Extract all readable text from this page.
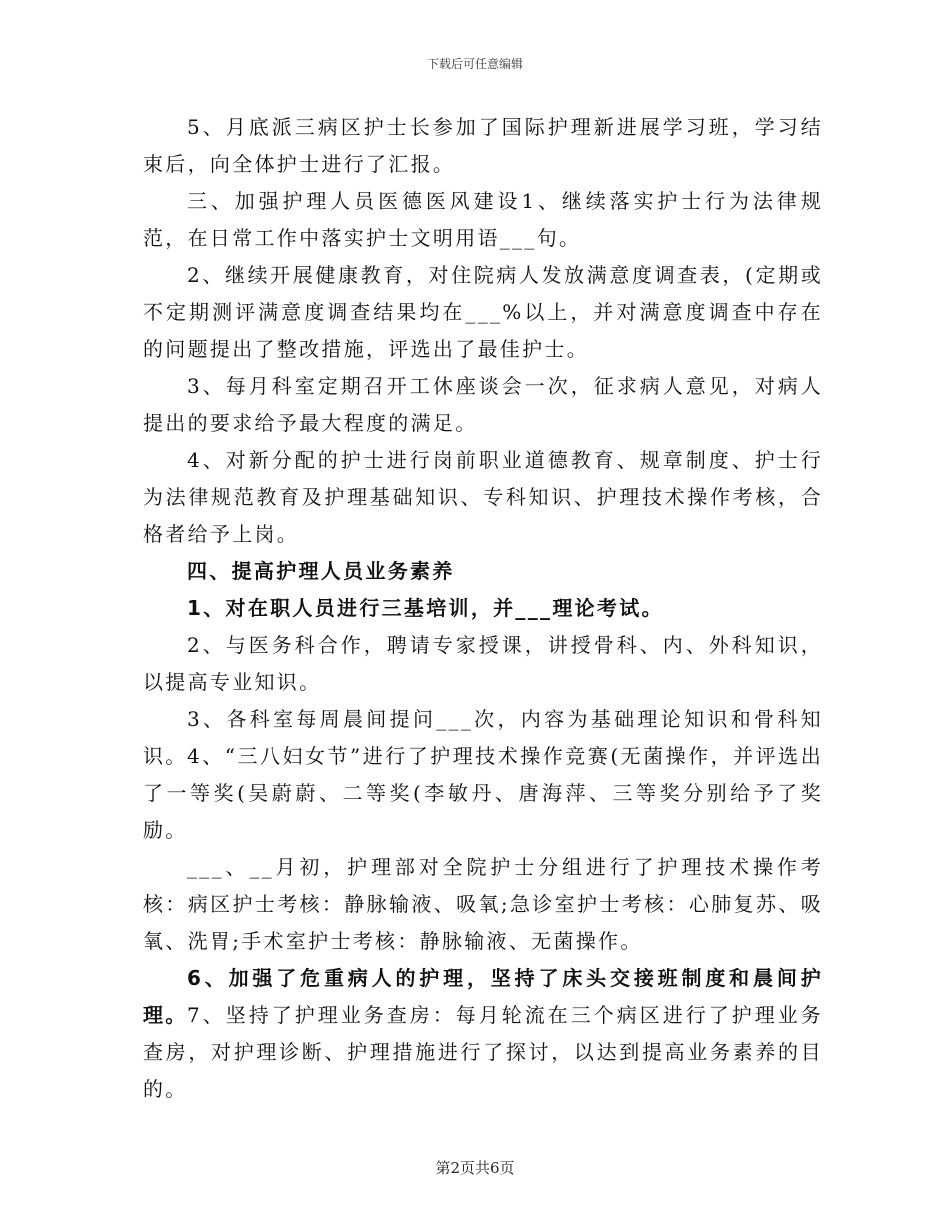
下载后可任意编辑

5、月底派三病区护士长参加了国际护理新进展学习班，学习结束后，向全体护士进行了汇报。

三、加强护理人员医德医风建设1、继续落实护士行为法律规范，在日常工作中落实护士文明用语___句。

2、继续开展健康教育，对住院病人发放满意度调查表，(定期或不定期测评满意度调查结果均在___%以上，并对满意度调查中存在的问题提出了整改措施，评选出了最佳护士。

3、每月科室定期召开工休座谈会一次，征求病人意见，对病人提出的要求给予最大程度的满足。

4、对新分配的护士进行岗前职业道德教育、规章制度、护士行为法律规范教育及护理基础知识、专科知识、护理技术操作考核，合格者给予上岗。

四、提高护理人员业务素养

1、对在职人员进行三基培训，并___理论考试。

2、与医务科合作，聘请专家授课，讲授骨科、内、外科知识，以提高专业知识。

3、各科室每周晨间提问___次，内容为基础理论知识和骨科知识。 4、“三八妇女节”进行了护理技术操作竞赛(无菌操作，并评选出了一等奖(吴蔚蔚、二等奖(李敏丹、唐海萍、三等奖分别给予了奖励。

___、__月初，护理部对全院护士分组进行了护理技术操作考核：病区护士考核：静脉输液、吸氧;急诊室护士考核：心肺复苏、吸氧、洗胃;手术室护士考核：静脉输液、无菌操作。

6、加强了危重病人的护理，坚持了床头交接班制度和晨间护理。 7、坚持了护理业务查房：每月轮流在三个病区进行了护理业务查房，对护理诊断、护理措施进行了探讨，以达到提高业务素养的目的。

第2页共6页
